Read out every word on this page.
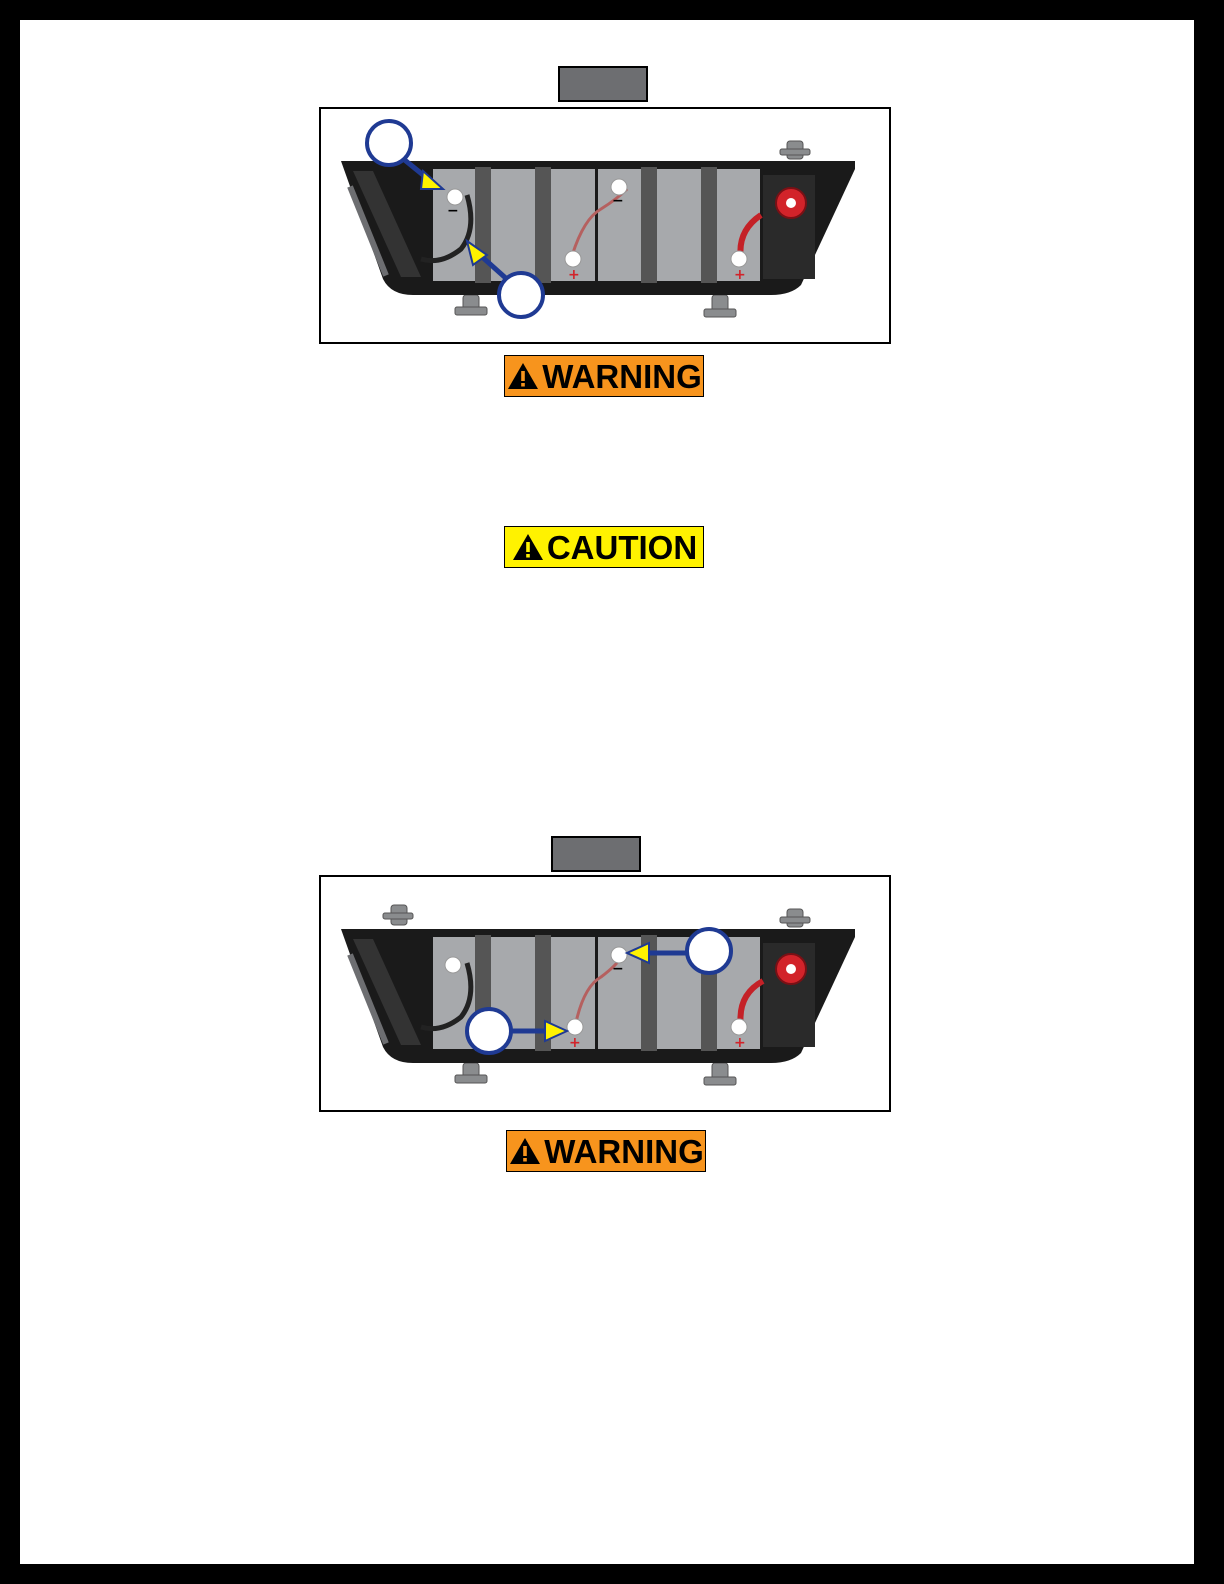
−
−
+	+
WARNING
CAUTION
−
+	+
WARNING
